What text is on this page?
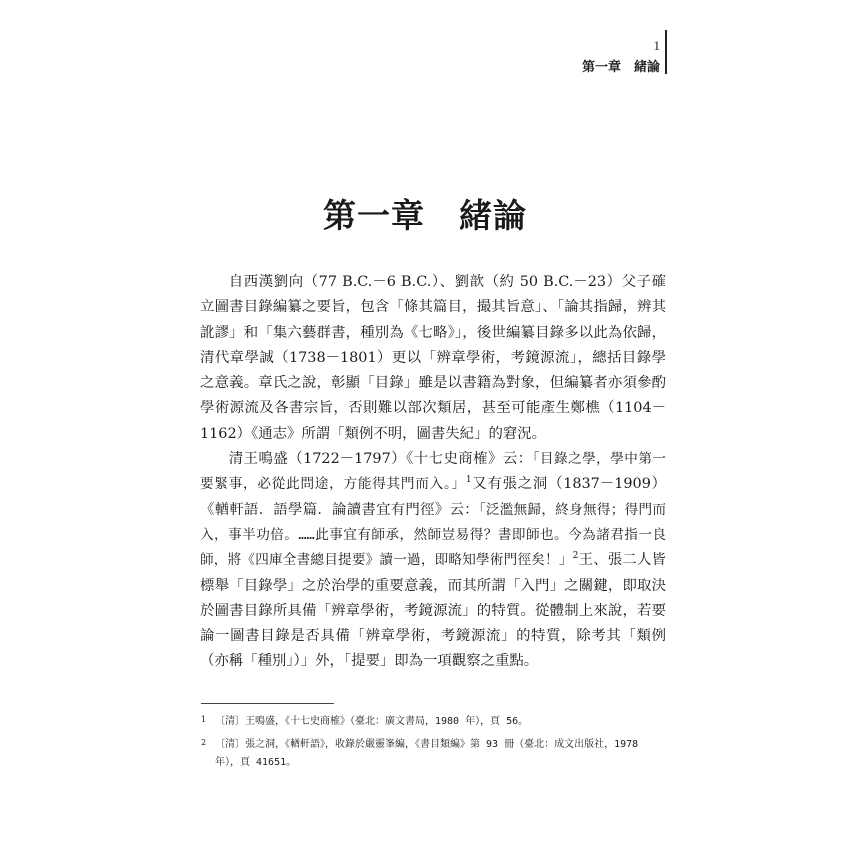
1
第一章　緒論
第一章　緒論

自西漢劉向（77 B.C.－6 B.C.）、劉歆（約 50 B.C.－23）父子確立圖書目錄編纂之要旨，包含「條其篇目，撮其旨意」、「論其指歸，辨其訛謬」和「集六藝群書，種別為《七略》」，後世編纂目錄多以此為依歸，清代章學誠（1738－1801）更以「辨章學術，考鏡源流」，總括目錄學之意義。章氏之說，彰顯「目錄」雖是以書籍為對象，但編纂者亦須參酌學術源流及各書宗旨，否則難以部次類居，甚至可能產生鄭樵（1104－1162）《通志》所謂「類例不明，圖書失紀」的窘況。

清王鳴盛（1722－1797）《十七史商榷》云：「目錄之學，學中第一要緊事，必從此問途，方能得其門而入。」$^1$又有張之洞（1837－1909）《輶軒語．語學篇．論讀書宜有門徑》云：「泛濫無歸，終身無得；得門而入，事半功倍。……此事宜有師承，然師豈易得？書即師也。今為諸君指一良師，將《四庫全書總目提要》讀一過，即略知學術門徑矣！」$^2$王、張二人皆標舉「目錄學」之於治學的重要意義，而其所謂「入門」之關鍵，即取決於圖書目錄所具備「辨章學術，考鏡源流」的特質。從體制上來說，若要論一圖書目錄是否具備「辨章學術，考鏡源流」的特質，除考其「類例（亦稱「種別」）」外，「提要」即為一項觀察之重點。

1 〔清〕王鳴盛，《十七史商榷》（臺北：廣文書局，1980 年），頁 56。
2 〔清〕張之洞，《輶軒語》，收錄於嚴靈峯編，《書目類編》第 93 冊（臺北：成文出版社，1978 年），頁 41651。
